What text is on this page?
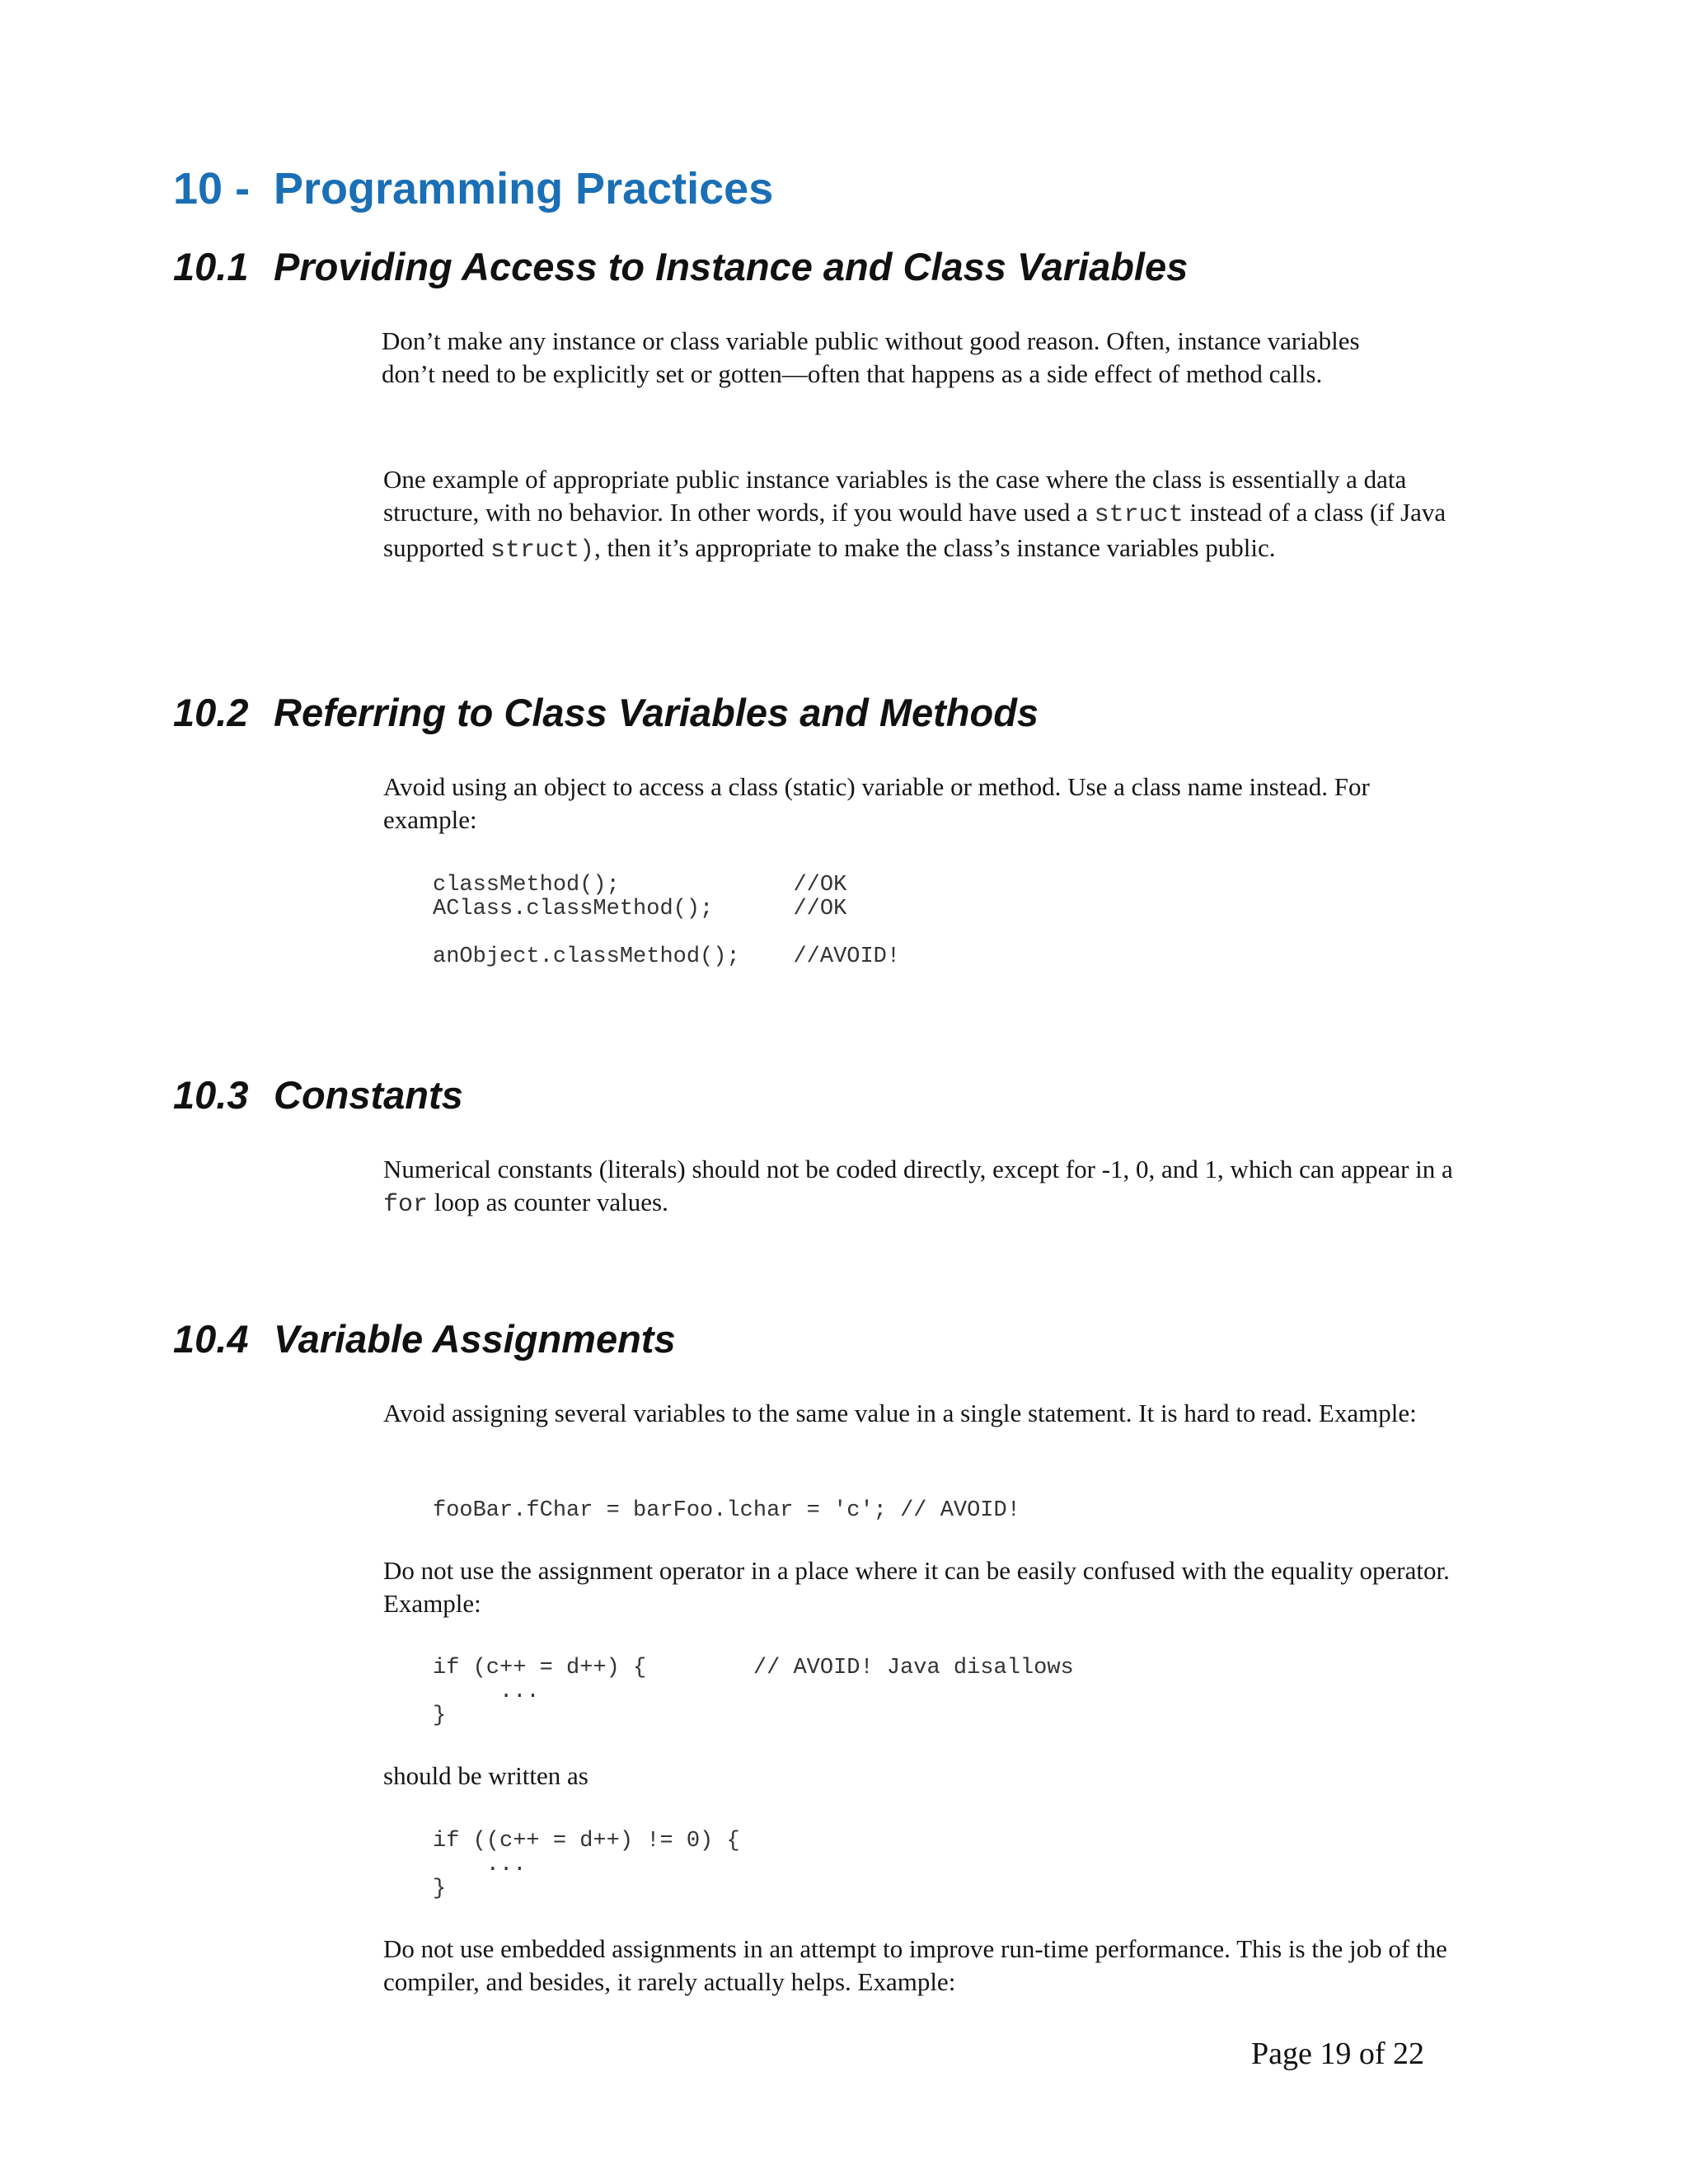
10 - Programming Practices
10.1 Providing Access to Instance and Class Variables

Don’t make any instance or class variable public without good reason. Often, instance variables don’t need to be explicitly set or gotten—often that happens as a side effect of method calls.

One example of appropriate public instance variables is the case where the class is essentially a data structure, with no behavior. In other words, if you would have used a struct instead of a class (if Java supported struct), then it’s appropriate to make the class’s instance variables public.

10.2 Referring to Class Variables and Methods

Avoid using an object to access a class (static) variable or method. Use a class name instead. For example:

classMethod();             //OK
AClass.classMethod();      //OK

anObject.classMethod();    //AVOID!
10.3 Constants

Numerical constants (literals) should not be coded directly, except for -1, 0, and 1, which can appear in a for loop as counter values.

10.4 Variable Assignments

Avoid assigning several variables to the same value in a single statement. It is hard to read. Example:

fooBar.fChar = barFoo.lchar = 'c'; // AVOID!

Do not use the assignment operator in a place where it can be easily confused with the equality operator. Example:

if (c++ = d++) {        // AVOID! Java disallows
...
}

should be written as

if ((c++ = d++) != 0) {
...
}

Do not use embedded assignments in an attempt to improve run-time performance. This is the job of the compiler, and besides, it rarely actually helps. Example:

Page 19 of 22
